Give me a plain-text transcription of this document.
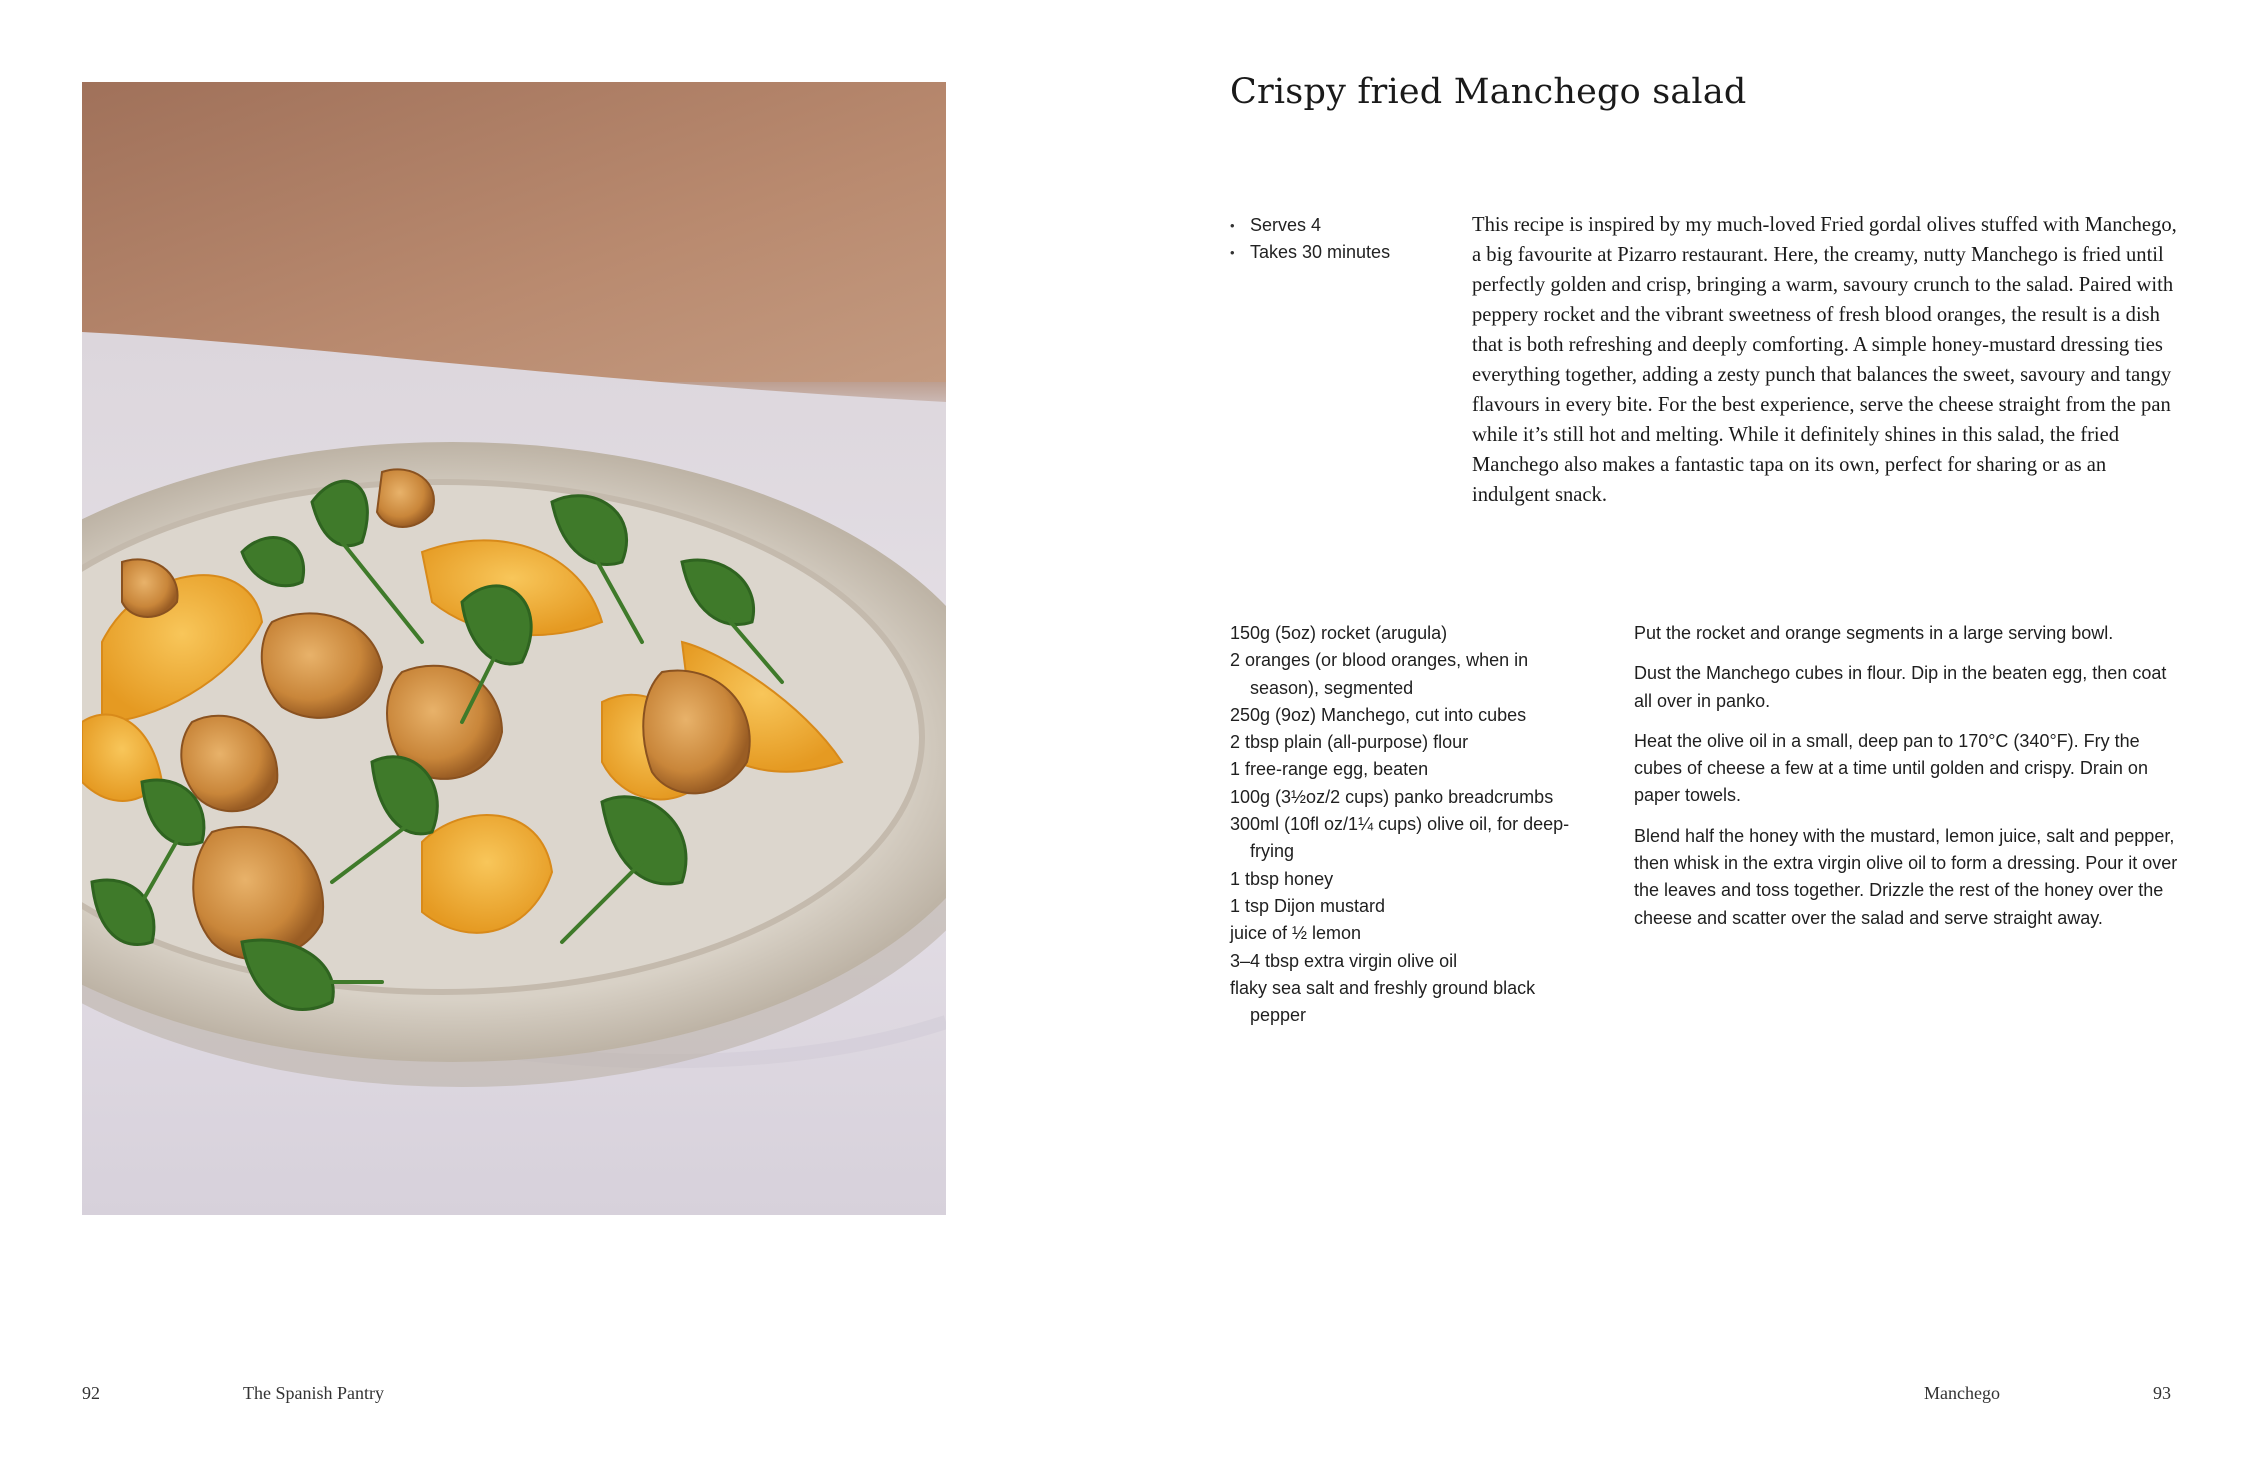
Crispy fried Manchego salad
• Serves 4
• Takes 30 minutes

This recipe is inspired by my much-loved Fried gordal olives stuffed with Manchego, a big favourite at Pizarro restaurant. Here, the creamy, nutty Manchego is fried until perfectly golden and crisp, bringing a warm, savoury crunch to the salad. Paired with peppery rocket and the vibrant sweetness of fresh blood oranges, the result is a dish that is both refreshing and deeply comforting. A simple honey-mustard dressing ties everything together, adding a zesty punch that balances the sweet, savoury and tangy flavours in every bite. For the best experience, serve the cheese straight from the pan while it’s still hot and melting. While it definitely shines in this salad, the fried Manchego also makes a fantastic tapa on its own, perfect for sharing or as an indulgent snack.

150g (5oz) rocket (arugula)
2 oranges (or blood oranges, when in season), segmented
250g (9oz) Manchego, cut into cubes
2 tbsp plain (all-purpose) flour
1 free-range egg, beaten
100g (3½oz/2 cups) panko breadcrumbs
300ml (10fl oz/1¼ cups) olive oil, for deep-frying
1 tbsp honey
1 tsp Dijon mustard
juice of ½ lemon
3–4 tbsp extra virgin olive oil
flaky sea salt and freshly ground black pepper

Put the rocket and orange segments in a large serving bowl.

Dust the Manchego cubes in flour. Dip in the beaten egg, then coat all over in panko.

Heat the olive oil in a small, deep pan to 170°C (340°F). Fry the cubes of cheese a few at a time until golden and crispy. Drain on paper towels.

Blend half the honey with the mustard, lemon juice, salt and pepper, then whisk in the extra virgin olive oil to form a dressing. Pour it over the leaves and toss together. Drizzle the rest of the honey over the cheese and scatter over the salad and serve straight away.

92	The Spanish Pantry	Manchego	93
